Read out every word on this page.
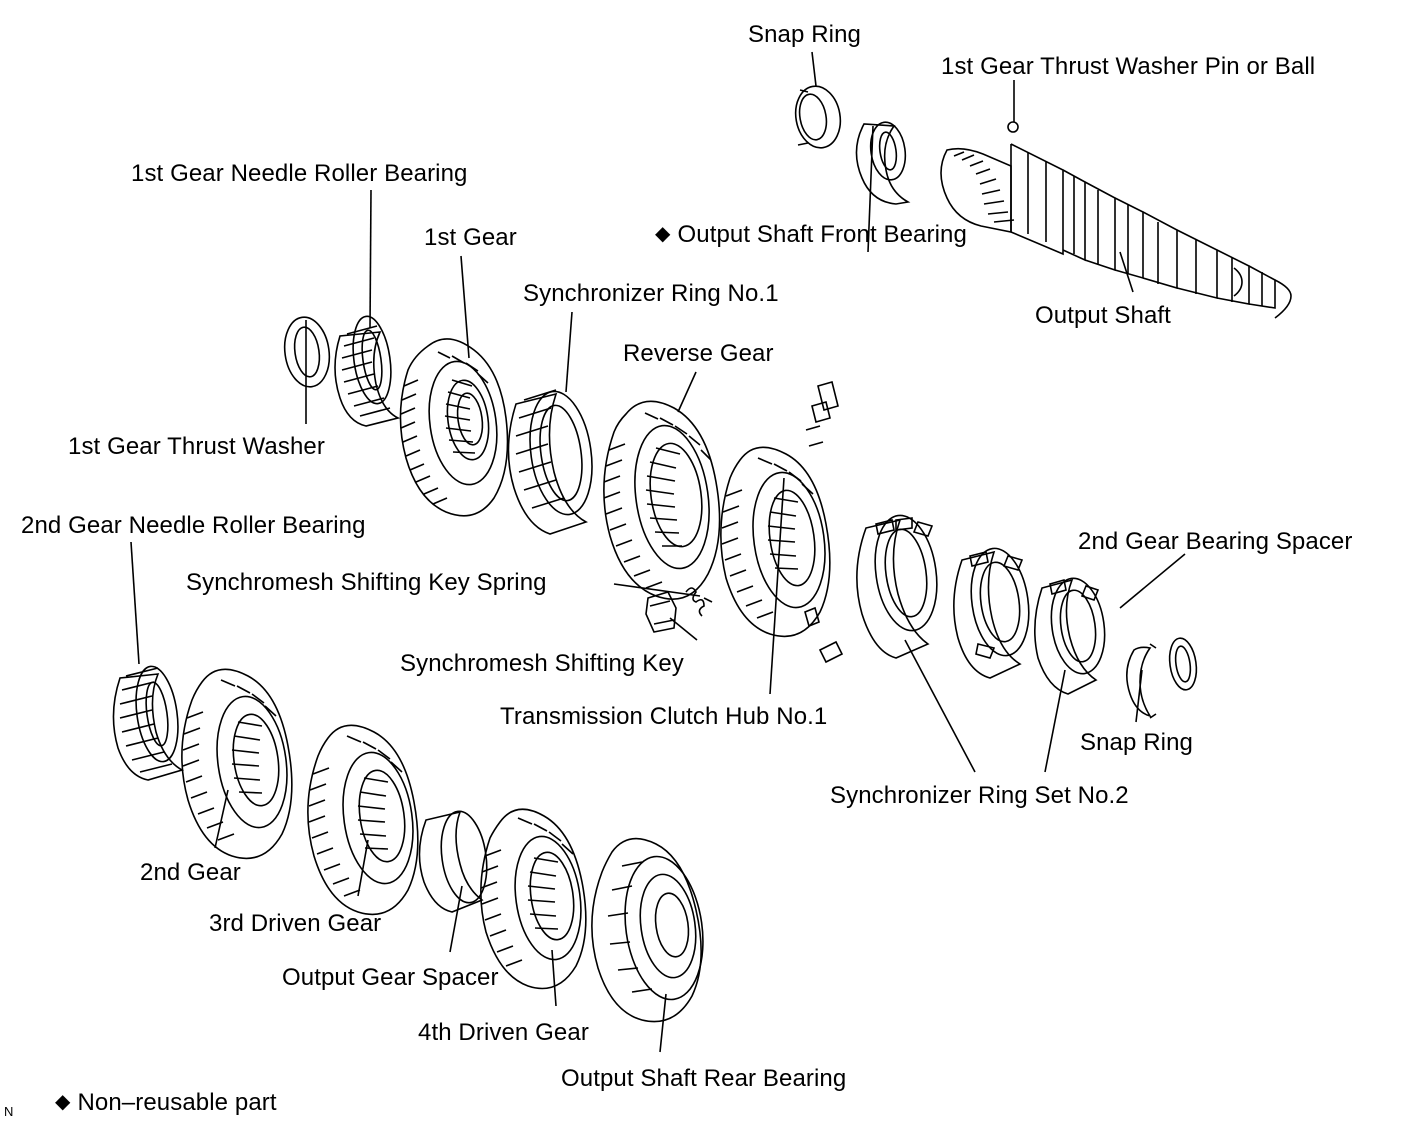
Snap Ring
1st Gear Thrust Washer Pin or Ball
1st Gear Needle Roller Bearing
1st Gear	◆ Output Shaft Front Bearing
Synchronizer Ring No.1
Output Shaft
Reverse Gear
1st Gear Thrust Washer
2nd Gear Needle Roller Bearing
2nd Gear Bearing Spacer
Synchromesh Shifting Key Spring
Synchromesh Shifting Key
Transmission Clutch Hub No.1
Snap Ring
Synchronizer Ring Set No.2
2nd Gear
3rd Driven Gear
Output Gear Spacer
4th Driven Gear
Output Shaft Rear Bearing
◆ Non–reusable part
N
